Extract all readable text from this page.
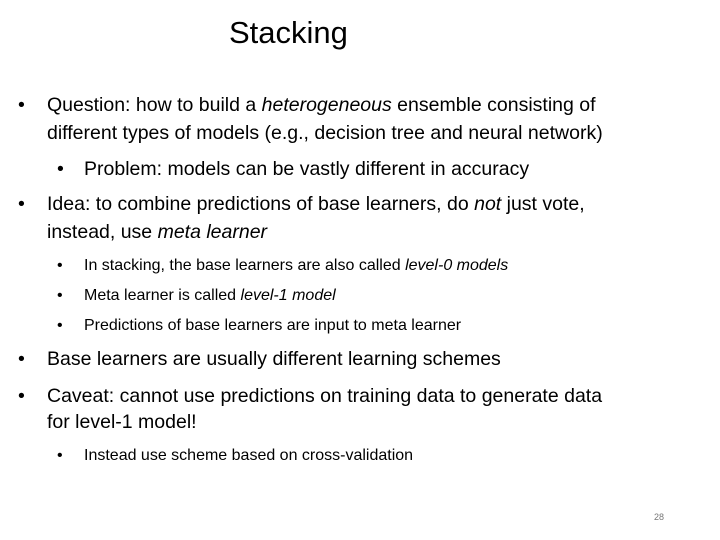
Stacking
• Question: how to build a heterogeneous ensemble consisting of
different types of models (e.g., decision tree and neural network)
• Problem: models can be vastly different in accuracy
• Idea: to combine predictions of base learners, do not just vote,
instead, use meta learner
• In stacking, the base learners are also called level-0 models
• Meta learner is called level-1 model
• Predictions of base learners are input to meta learner
• Base learners are usually different learning schemes
• Caveat: cannot use predictions on training data to generate data
for level-1 model!
• Instead use scheme based on cross-validation
28
